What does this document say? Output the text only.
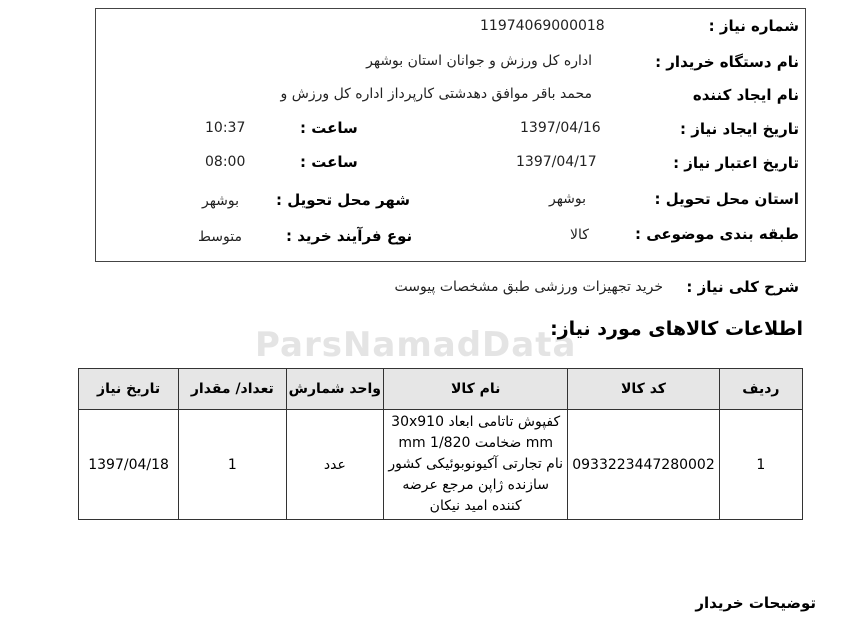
ParsNamadData
شماره نیاز :
11974069000018
نام دستگاه خریدار :
اداره کل ورزش و جوانان استان بوشهر
نام ایجاد کننده
محمد باقر موافق دهدشتی کارپرداز اداره کل ورزش و
تاریخ ایجاد نیاز :
1397/04/16
ساعت :
10:37
تاریخ اعتبار نیاز :
1397/04/17
ساعت :
08:00
استان محل تحویل :
بوشهر
شهر محل تحویل :
بوشهر
طبقه بندی موضوعی :
کالا
نوع فرآیند خرید :
متوسط
شرح کلی نیاز :
خرید تجهیزات ورزشی طبق مشخصات پیوست
اطلاعات کالاهای مورد نیاز:
ردیف	کد کالا	نام کالا	واحد شمارش	تعداد/ مقدار	تاریخ نیاز
1	0933223447280002	کفپوش تاتامی ابعاد 30x910 mm ضخامت mm 1/820 نام تجارتی آکیونوبوئیکی کشور سازنده ژاپن مرجع عرضه کننده امید نیکان	عدد	1	1397/04/18
توضیحات خریدار
